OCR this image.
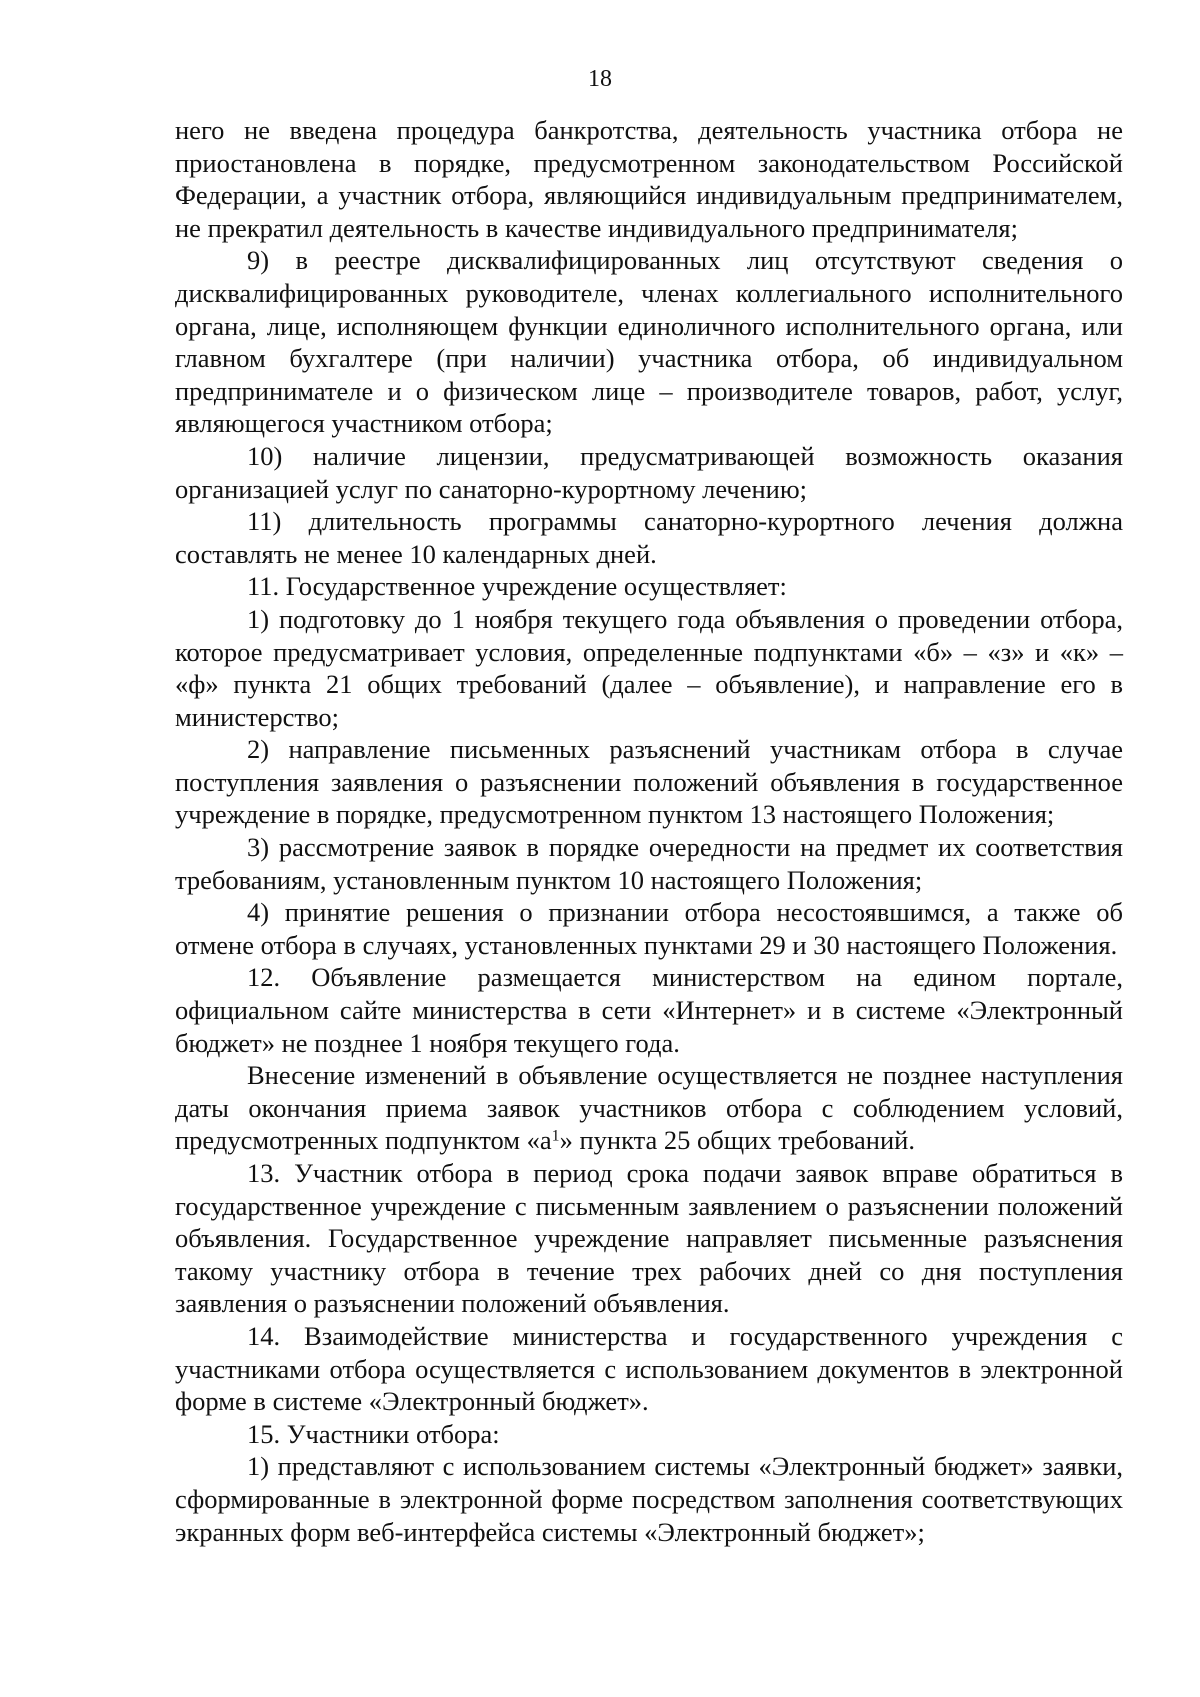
18

него не введена процедура банкротства, деятельность участника отбора не приостановлена в порядке, предусмотренном законодательством Российской Федерации, а участник отбора, являющийся индивидуальным предпринимателем, не прекратил деятельность в качестве индивидуального предпринимателя;

9) в реестре дисквалифицированных лиц отсутствуют сведения о дисквалифицированных руководителе, членах коллегиального исполнительного органа, лице, исполняющем функции единоличного исполнительного органа, или главном бухгалтере (при наличии) участника отбора, об индивидуальном предпринимателе и о физическом лице – производителе товаров, работ, услуг, являющегося участником отбора;

10) наличие лицензии, предусматривающей возможность оказания организацией услуг по санаторно-курортному лечению;

11) длительность программы санаторно-курортного лечения должна составлять не менее 10 календарных дней.

11. Государственное учреждение осуществляет:

1) подготовку до 1 ноября текущего года объявления о проведении отбора, которое предусматривает условия, определенные подпунктами «б» – «з» и «к» – «ф» пункта 21 общих требований (далее – объявление), и направление его в министерство;

2) направление письменных разъяснений участникам отбора в случае поступления заявления о разъяснении положений объявления в государственное учреждение в порядке, предусмотренном пунктом 13 настоящего Положения;

3) рассмотрение заявок в порядке очередности на предмет их соответствия требованиям, установленным пунктом 10 настоящего Положения;

4) принятие решения о признании отбора несостоявшимся, а также об отмене отбора в случаях, установленных пунктами 29 и 30 настоящего Положения.

12. Объявление размещается министерством на едином портале, официальном сайте министерства в сети «Интернет» и в системе «Электронный бюджет» не позднее 1 ноября текущего года.

Внесение изменений в объявление осуществляется не позднее наступления даты окончания приема заявок участников отбора с соблюдением условий, предусмотренных подпунктом «$а^1$» пункта 25 общих требований.

13. Участник отбора в период срока подачи заявок вправе обратиться в государственное учреждение с письменным заявлением о разъяснении положений объявления. Государственное учреждение направляет письменные разъяснения такому участнику отбора в течение трех рабочих дней со дня поступления заявления о разъяснении положений объявления.

14. Взаимодействие министерства и государственного учреждения с участниками отбора осуществляется с использованием документов в электронной форме в системе «Электронный бюджет».

15. Участники отбора:

1) представляют с использованием системы «Электронный бюджет» заявки, сформированные в электронной форме посредством заполнения соответствующих экранных форм веб-интерфейса системы «Электронный бюджет»;
